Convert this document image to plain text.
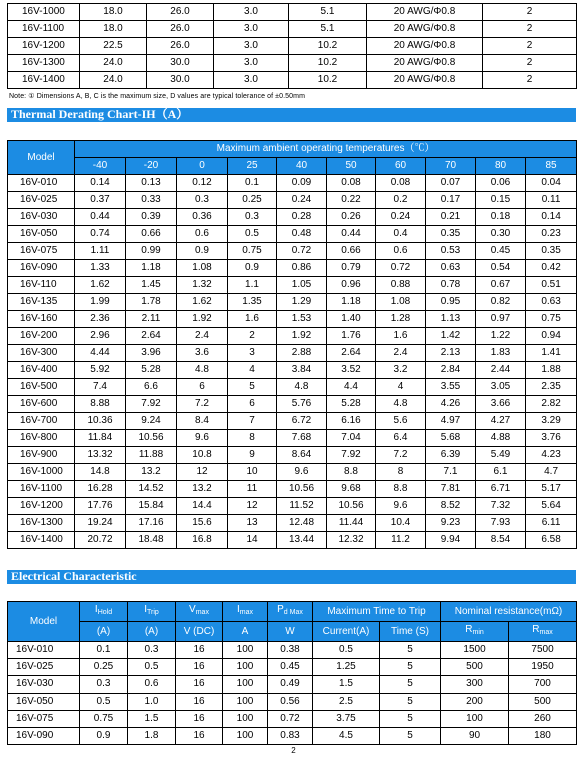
16V-1000	18.0	26.0	3.0	5.1	20 AWG/Φ0.8	2
16V-1100	18.0	26.0	3.0	5.1	20 AWG/Φ0.8	2
16V-1200	22.5	26.0	3.0	10.2	20 AWG/Φ0.8	2
16V-1300	24.0	30.0	3.0	10.2	20 AWG/Φ0.8	2
16V-1400	24.0	30.0	3.0	10.2	20 AWG/Φ0.8	2
Note: ① Dimensions A, B, C is the maximum size, D values are typical tolerance of ±0.50mm
Thermal Derating Chart-IH（A）
Model	Maximum ambient operating temperatures（℃）									
	-40	-20	0	25	40	50	60	70	80	85
16V-010	0.14	0.13	0.12	0.1	0.09	0.08	0.08	0.07	0.06	0.04
16V-025	0.37	0.33	0.3	0.25	0.24	0.22	0.2	0.17	0.15	0.11
16V-030	0.44	0.39	0.36	0.3	0.28	0.26	0.24	0.21	0.18	0.14
16V-050	0.74	0.66	0.6	0.5	0.48	0.44	0.4	0.35	0.30	0.23
16V-075	1.11	0.99	0.9	0.75	0.72	0.66	0.6	0.53	0.45	0.35
16V-090	1.33	1.18	1.08	0.9	0.86	0.79	0.72	0.63	0.54	0.42
16V-110	1.62	1.45	1.32	1.1	1.05	0.96	0.88	0.78	0.67	0.51
16V-135	1.99	1.78	1.62	1.35	1.29	1.18	1.08	0.95	0.82	0.63
16V-160	2.36	2.11	1.92	1.6	1.53	1.40	1.28	1.13	0.97	0.75
16V-200	2.96	2.64	2.4	2	1.92	1.76	1.6	1.42	1.22	0.94
16V-300	4.44	3.96	3.6	3	2.88	2.64	2.4	2.13	1.83	1.41
16V-400	5.92	5.28	4.8	4	3.84	3.52	3.2	2.84	2.44	1.88
16V-500	7.4	6.6	6	5	4.8	4.4	4	3.55	3.05	2.35
16V-600	8.88	7.92	7.2	6	5.76	5.28	4.8	4.26	3.66	2.82
16V-700	10.36	9.24	8.4	7	6.72	6.16	5.6	4.97	4.27	3.29
16V-800	11.84	10.56	9.6	8	7.68	7.04	6.4	5.68	4.88	3.76
16V-900	13.32	11.88	10.8	9	8.64	7.92	7.2	6.39	5.49	4.23
16V-1000	14.8	13.2	12	10	9.6	8.8	8	7.1	6.1	4.7
16V-1100	16.28	14.52	13.2	11	10.56	9.68	8.8	7.81	6.71	5.17
16V-1200	17.76	15.84	14.4	12	11.52	10.56	9.6	8.52	7.32	5.64
16V-1300	19.24	17.16	15.6	13	12.48	11.44	10.4	9.23	7.93	6.11
16V-1400	20.72	18.48	16.8	14	13.44	12.32	11.2	9.94	8.54	6.58
Electrical Characteristic
Model	$I_{Hold}$	$I_{Trip}$	$V_{max}$	$I_{max}$	$P_{d Max}$	Maximum Time to Trip		Nominal resistance(mΩ)	
	(A)	(A)	V (DC)	A	W	Current(A)	Time (S)	$R_{min}$	$R_{max}$
16V-010	0.1	0.3	16	100	0.38	0.5	5	1500	7500
16V-025	0.25	0.5	16	100	0.45	1.25	5	500	1950
16V-030	0.3	0.6	16	100	0.49	1.5	5	300	700
16V-050	0.5	1.0	16	100	0.56	2.5	5	200	500
16V-075	0.75	1.5	16	100	0.72	3.75	5	100	260
16V-090	0.9	1.8	16	100	0.83	4.5	5	90	180
2
